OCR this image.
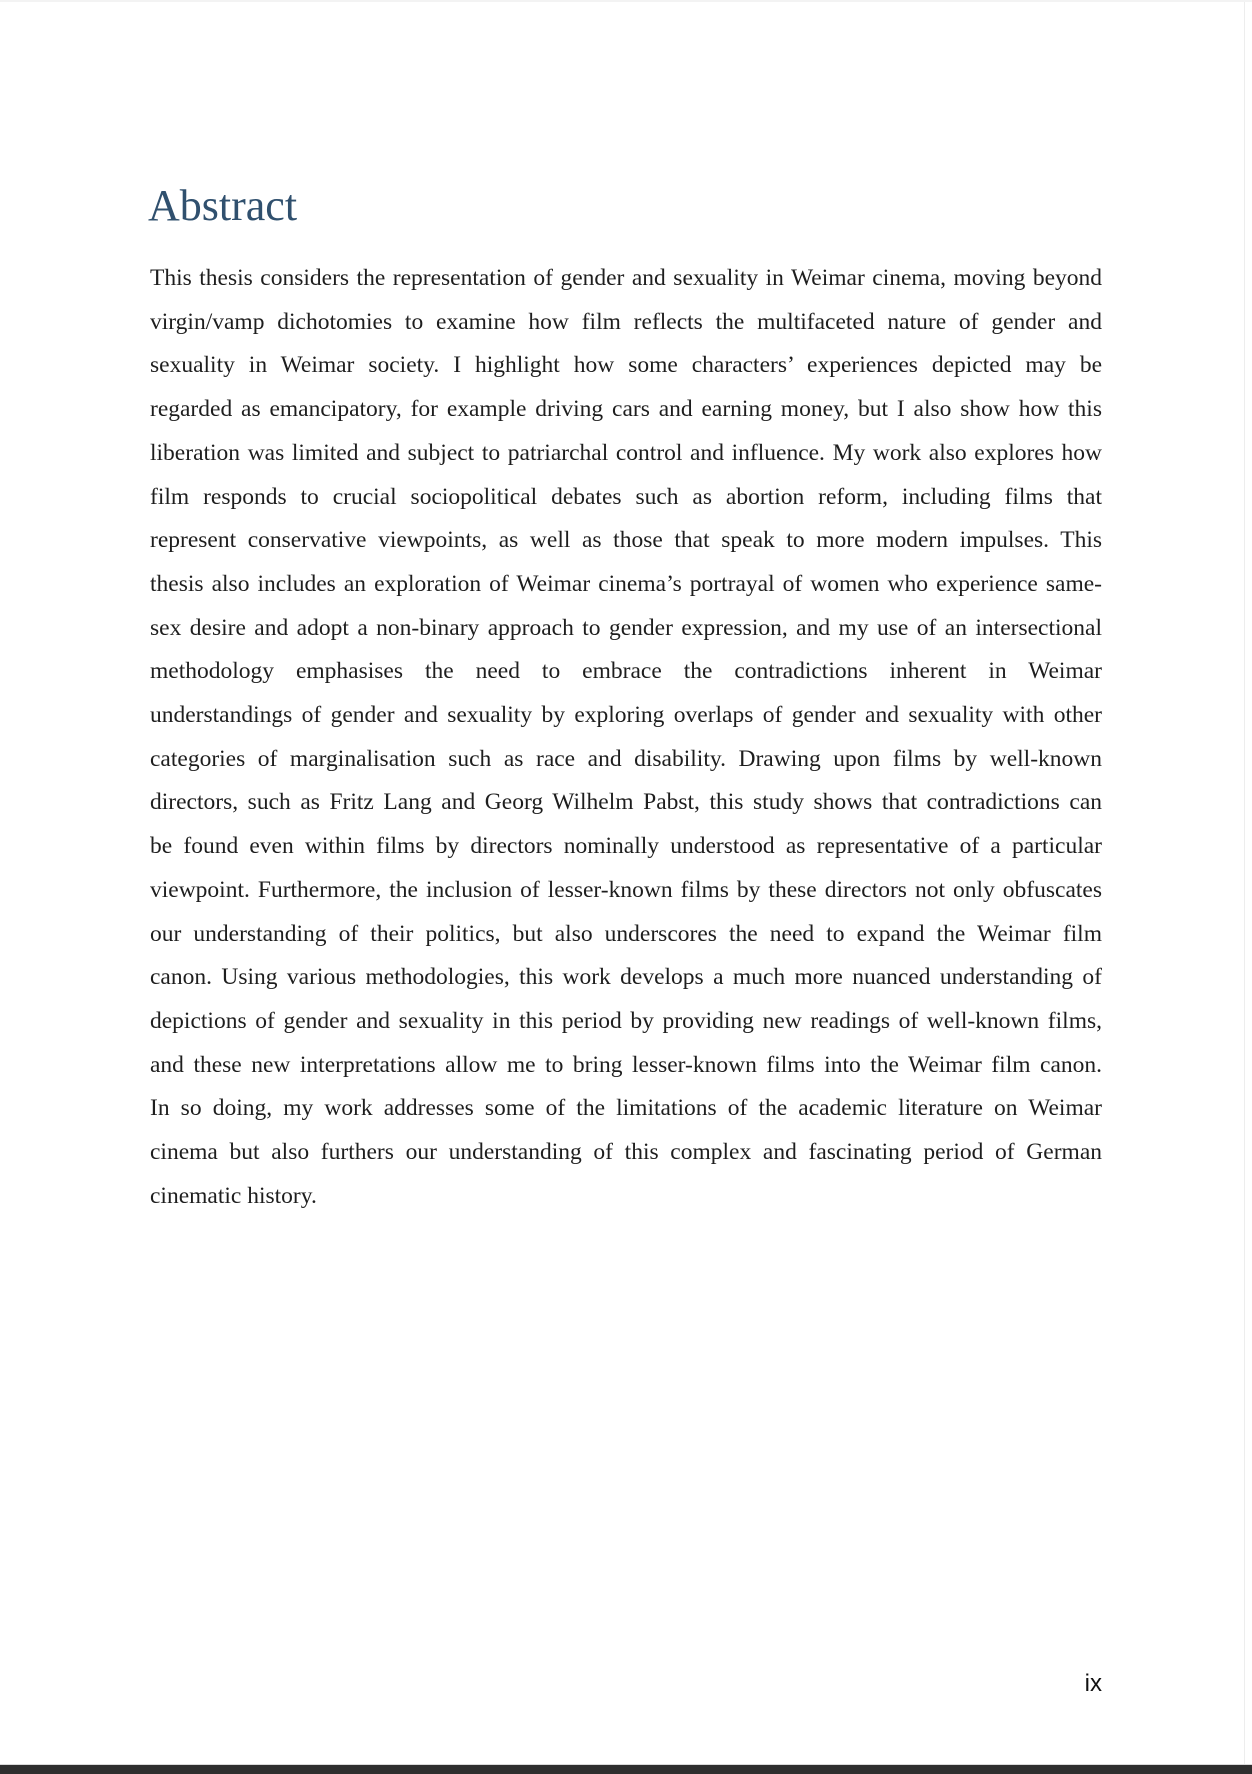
Abstract
This thesis considers the representation of gender and sexuality in Weimar cinema, moving beyond
virgin/vamp dichotomies to examine how film reflects the multifaceted nature of gender and
sexuality in Weimar society. I highlight how some characters’ experiences depicted may be
regarded as emancipatory, for example driving cars and earning money, but I also show how this
liberation was limited and subject to patriarchal control and influence. My work also explores how
film responds to crucial sociopolitical debates such as abortion reform, including films that
represent conservative viewpoints, as well as those that speak to more modern impulses. This
thesis also includes an exploration of Weimar cinema’s portrayal of women who experience same-
sex desire and adopt a non-binary approach to gender expression, and my use of an intersectional
methodology emphasises the need to embrace the contradictions inherent in Weimar
understandings of gender and sexuality by exploring overlaps of gender and sexuality with other
categories of marginalisation such as race and disability. Drawing upon films by well-known
directors, such as Fritz Lang and Georg Wilhelm Pabst, this study shows that contradictions can
be found even within films by directors nominally understood as representative of a particular
viewpoint. Furthermore, the inclusion of lesser-known films by these directors not only obfuscates
our understanding of their politics, but also underscores the need to expand the Weimar film
canon. Using various methodologies, this work develops a much more nuanced understanding of
depictions of gender and sexuality in this period by providing new readings of well-known films,
and these new interpretations allow me to bring lesser-known films into the Weimar film canon.
In so doing, my work addresses some of the limitations of the academic literature on Weimar
cinema but also furthers our understanding of this complex and fascinating period of German
cinematic history.
ix
